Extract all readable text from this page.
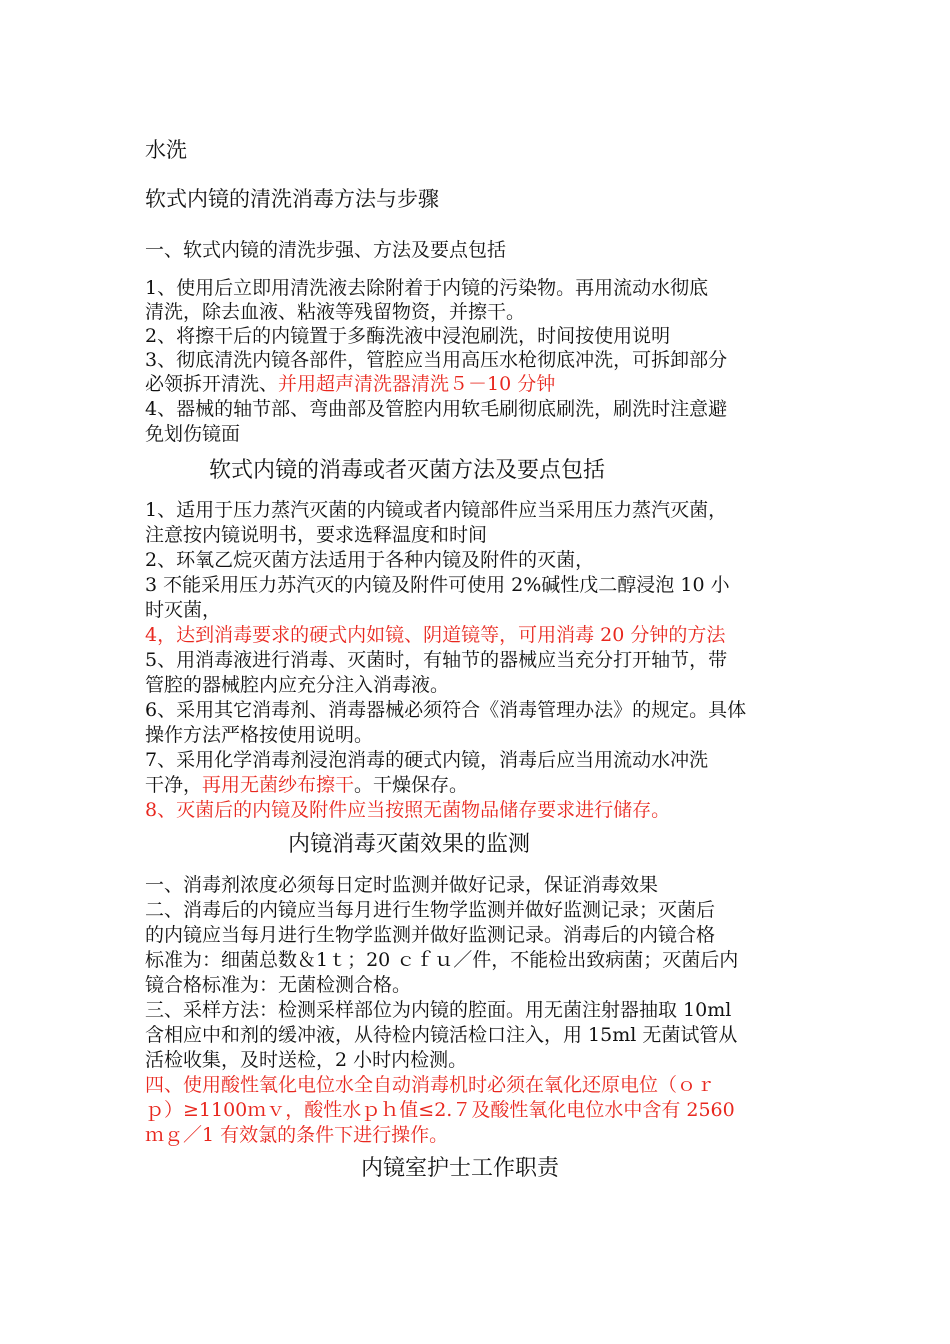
水洗
软式内镜的清洗消毒方法与步骤
一、软式内镜的清洗步强、方法及要点包括
1、使用后立即用清洗液去除附着于内镜的污染物。再用流动水彻底
清洗，除去血液、粘液等残留物资，并擦干。
2、将擦干后的内镜置于多酶洗液中浸泡刷洗，时间按使用说明
3、彻底清洗内镜各部件，管腔应当用高压水枪彻底冲洗，可拆卸部分
必领拆开清洗、并用超声清洗器清洗５－10 分钟
4、器械的轴节部、弯曲部及管腔内用软毛刷彻底刷洗，刷洗时注意避
免划伤镜面
软式内镜的消毒或者灭菌方法及要点包括
1、适用于压力蒸汽灭菌的内镜或者内镜部件应当采用压力蒸汽灭菌，
注意按内镜说明书，要求选释温度和时间
2、环氧乙烷灭菌方法适用于各种内镜及附件的灭菌，
3 不能采用压力苏汽灭的内镜及附件可使用 2%碱性戊二醇浸泡 10 小
时灭菌，
4，达到消毒要求的硬式内如镜、阴道镜等，可用消毒 20 分钟的方法
5、用消毒液进行消毒、灭菌时，有轴节的器械应当充分打开轴节，带
管腔的器械腔内应充分注入消毒液。
6、采用其它消毒剂、消毒器械必须符合《消毒管理办法》的规定。具体
操作方法严格按使用说明。
7、采用化学消毒剂浸泡消毒的硬式内镜，消毒后应当用流动水冲洗
干净，再用无菌纱布擦干。干燥保存。
8、灭菌后的内镜及附件应当按照无菌物品储存要求进行储存。
内镜消毒灭菌效果的监测
一、消毒剂浓度必须每日定时监测并做好记录，保证消毒效果
二、消毒后的内镜应当每月进行生物学监测并做好监测记录；灭菌后
的内镜应当每月进行生物学监测并做好监测记录。消毒后的内镜合格
标准为：细菌总数＆1ｔ；20 ｃｆｕ／件，不能检出致病菌；灭菌后内
镜合格标准为：无菌检测合格。
三、采样方法：检测采样部位为内镜的腔面。用无菌注射器抽取 10ml
含相应中和剂的缓冲液，从待检内镜活检口注入，用 15ml 无菌试管从
活检收集，及时送检，2 小时内检测。
四、使用酸性氧化电位水全自动消毒机时必须在氧化还原电位（ｏｒ
ｐ）≥1100ｍｖ，酸性水ｐｈ值≤2.７及酸性氧化电位水中含有 2560
ｍｇ／1 有效氯的条件下进行操作。
内镜室护士工作职责
